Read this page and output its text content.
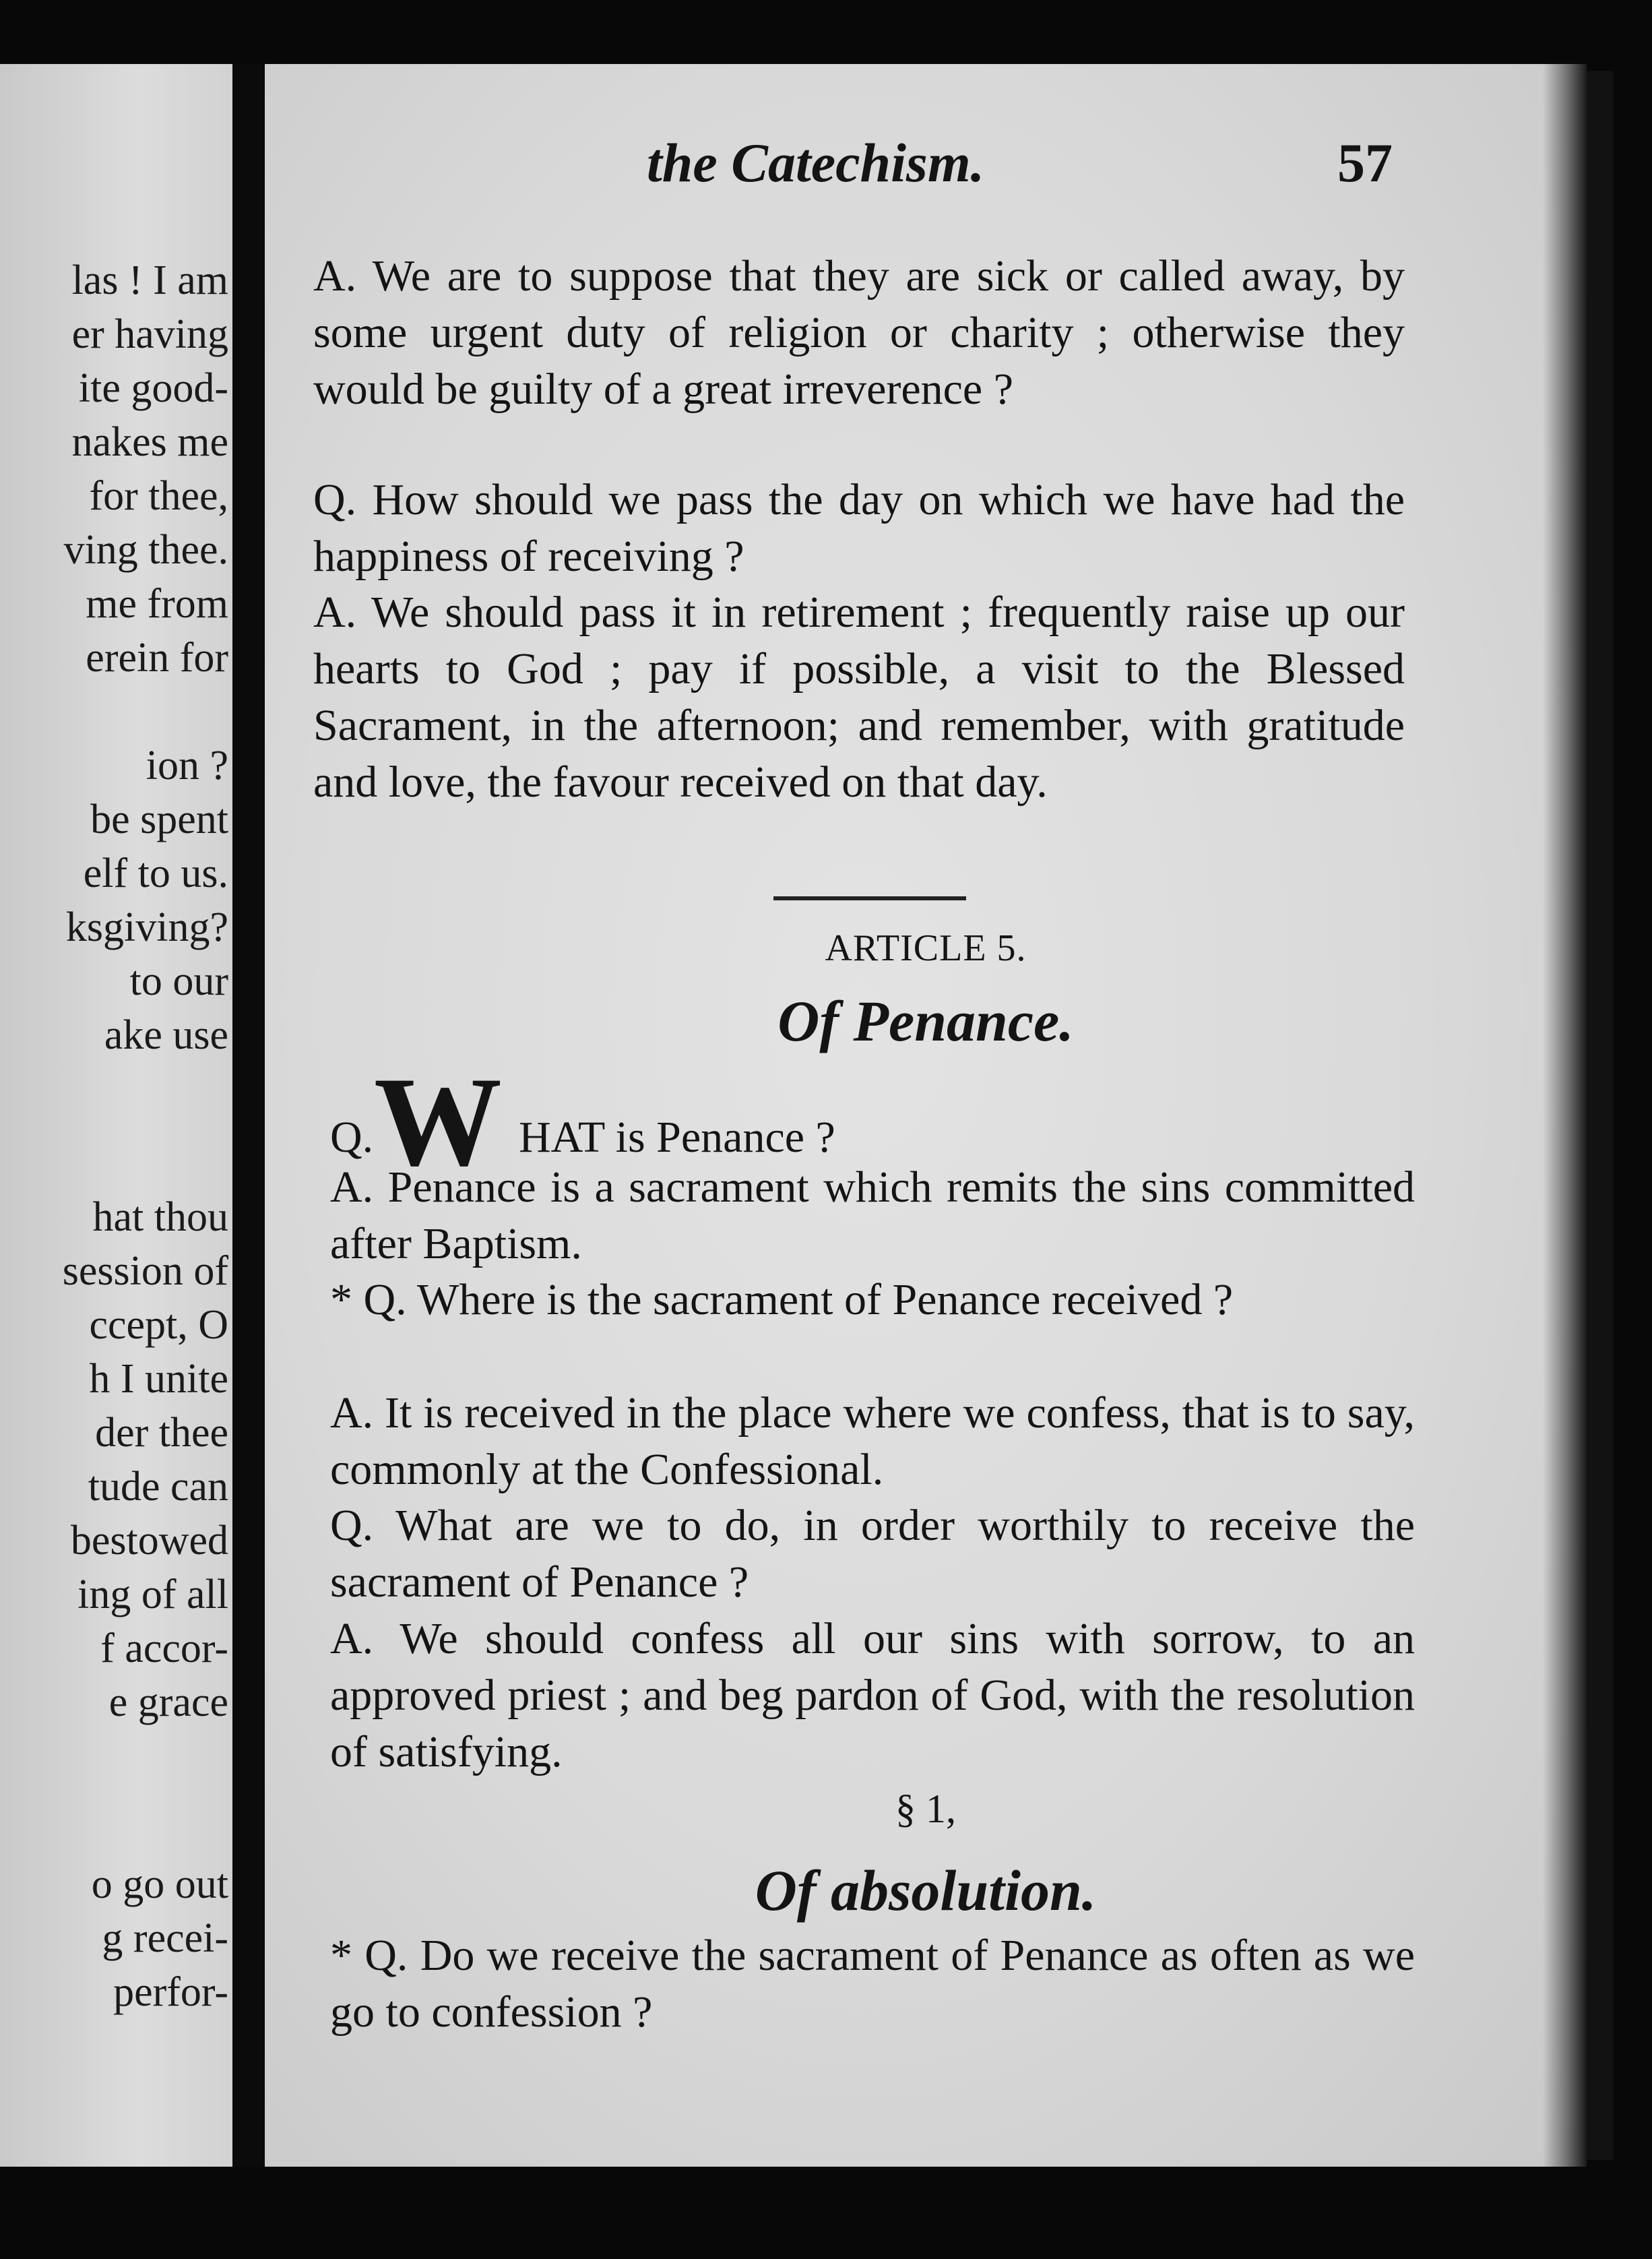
las ! I am
er having
ite good-
nakes me
for thee,
ving thee.
me from
erein for
ion ?
be spent
elf to us.
ksgiving?
to our
ake use
hat thou
session of
ccept, O
h I unite
der thee
tude can
bestowed
ing of all
f accor-
e grace
o go out
g recei-
perfor-
the Catechism.	57
A. We are to suppose that they are sick or called away, by some urgent duty of religion or charity ; otherwise they would be guilty of a great irreverence ?
Q. How should we pass the day on which we have had the happiness of receiving ?
A. We should pass it in retirement ; frequently raise up our hearts to God ; pay if possible, a visit to the Blessed Sacrament, in the afternoon; and remember, with gratitude and love, the favour received on that day.
ARTICLE 5.
Of Penance.
Q. W HAT is Penance ?
A. Penance is a sacrament which remits the sins committed after Baptism.
* Q. Where is the sacrament of Penance received ?
A. It is received in the place where we confess, that is to say, commonly at the Confessional.
Q. What are we to do, in order worthily to receive the sacrament of Penance ?
A. We should confess all our sins with sorrow, to an approved priest ; and beg pardon of God, with the resolution of satisfying.
§ 1,
Of absolution.
* Q. Do we receive the sacrament of Penance as often as we go to confession ?
